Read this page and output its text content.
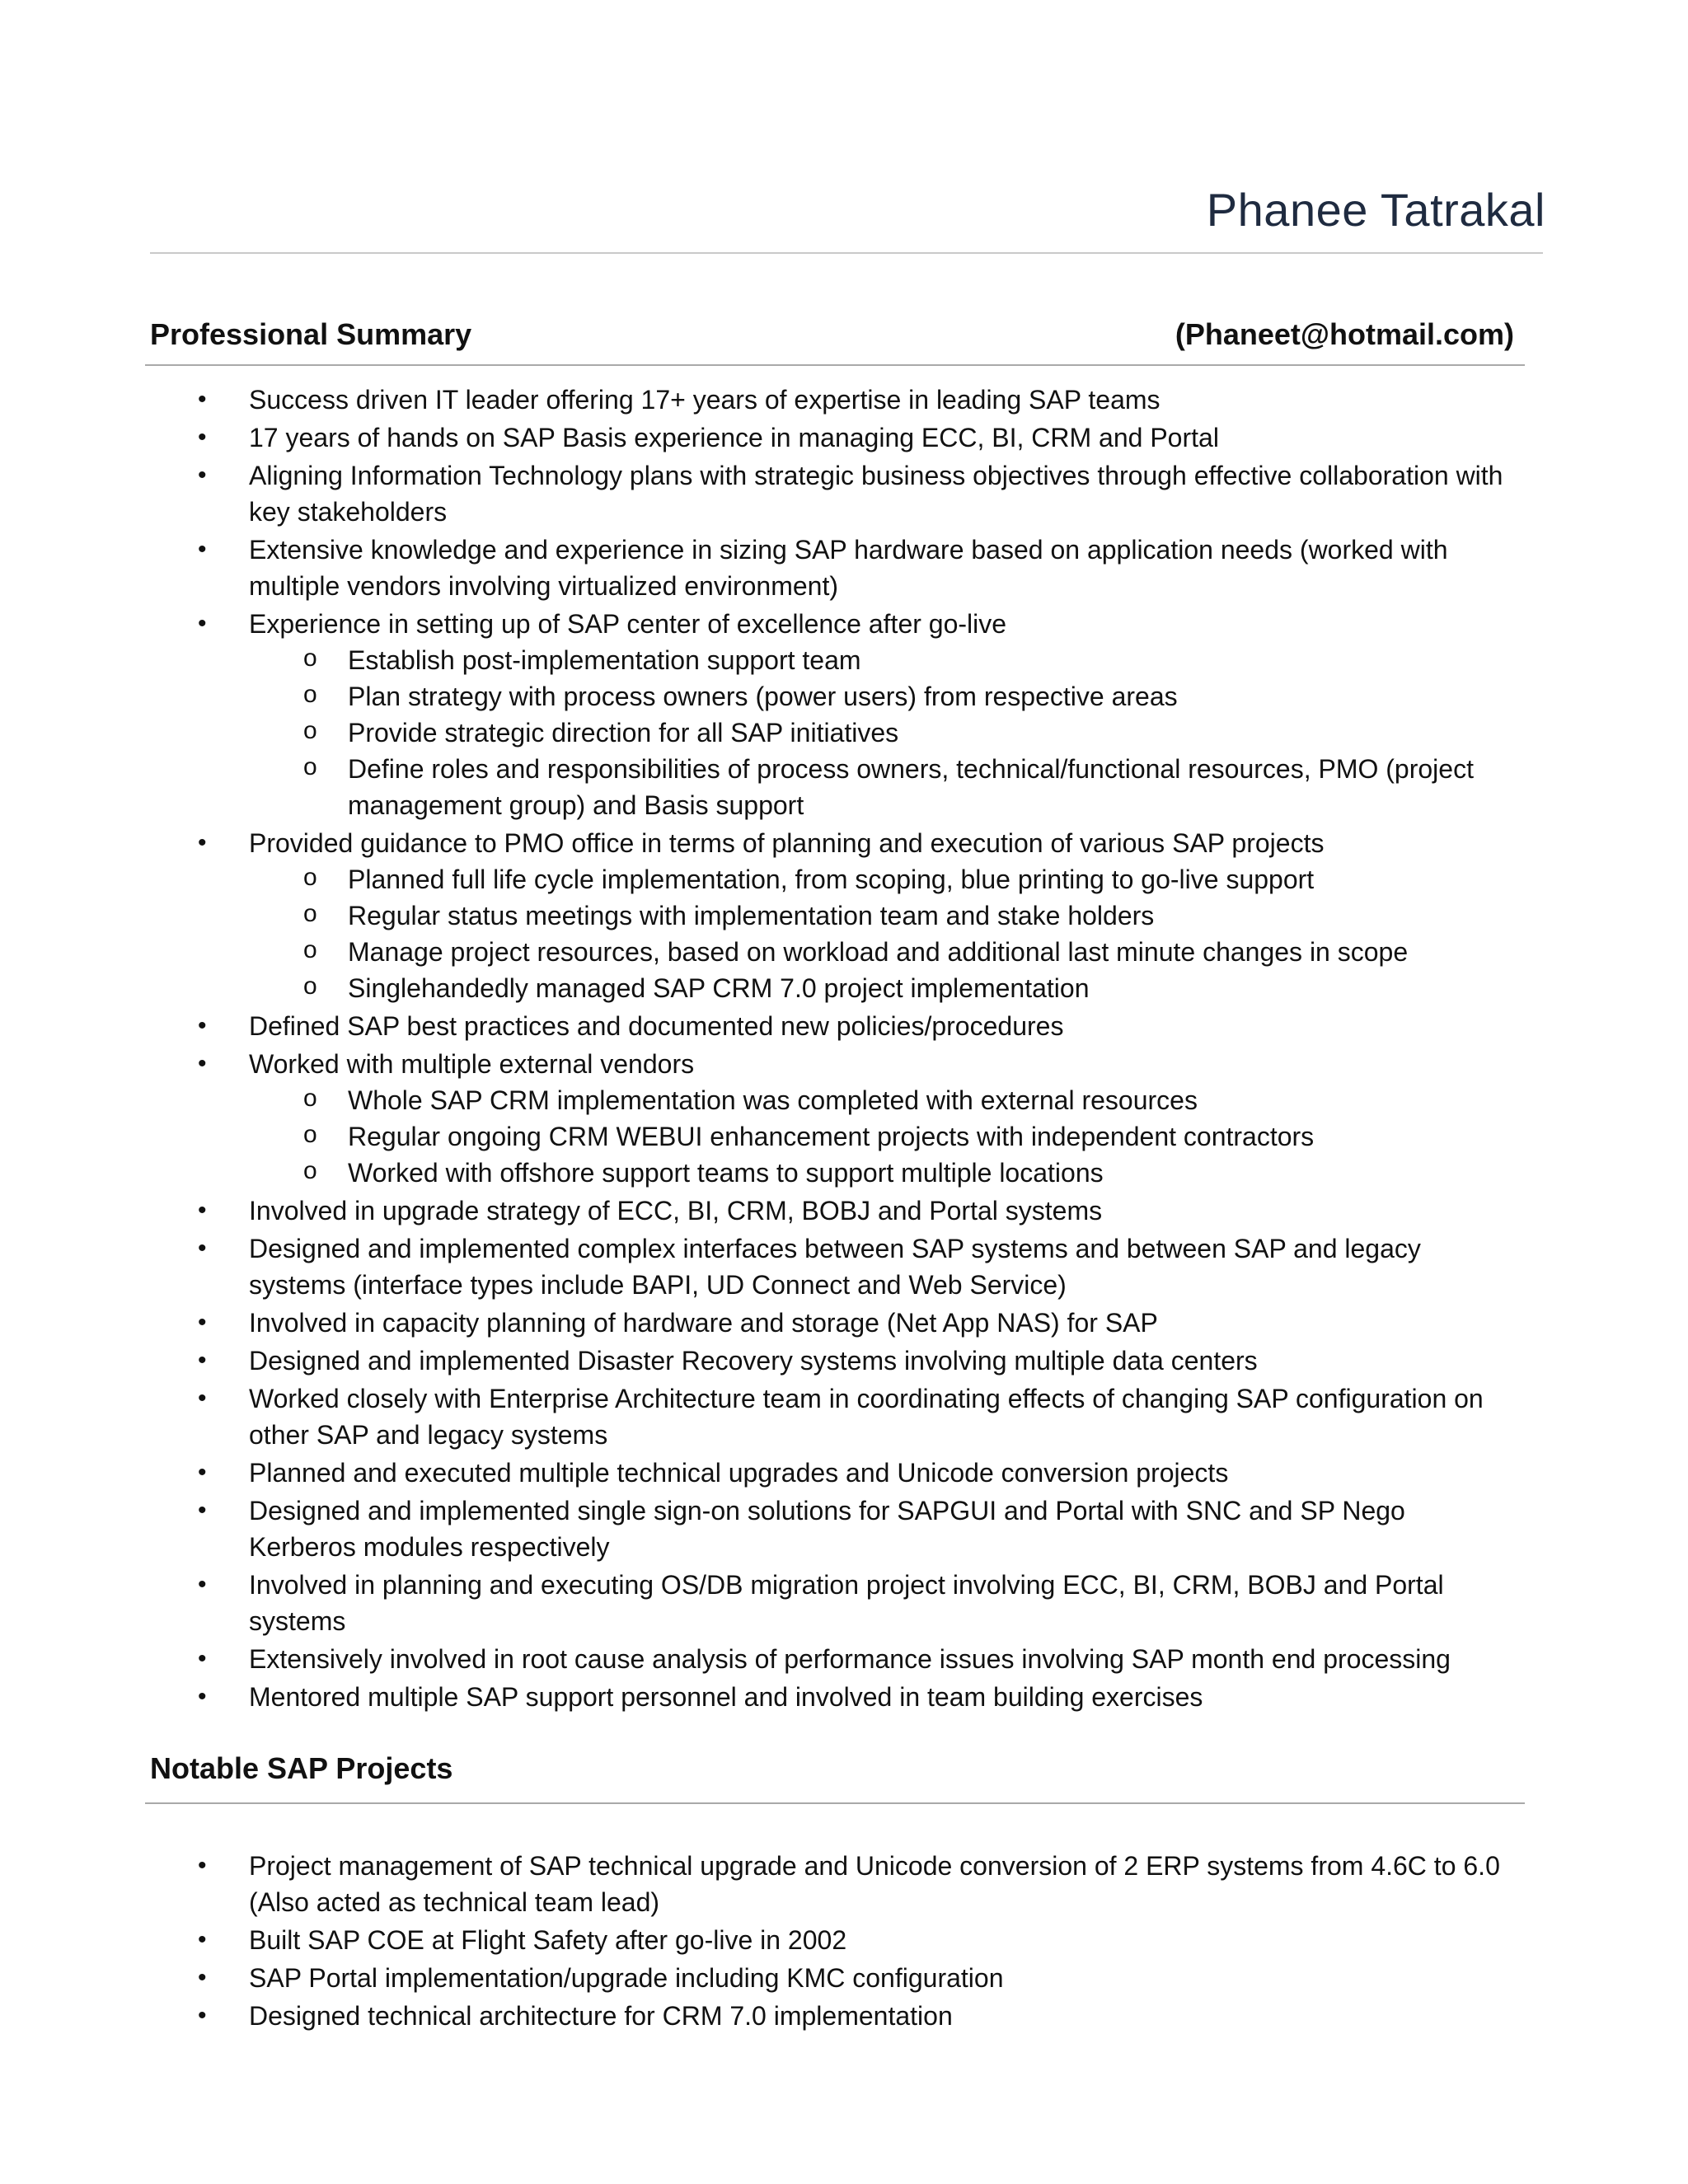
Phanee Tatrakal
Professional Summary	(Phaneet@hotmail.com)
• Success driven IT leader offering 17+ years of expertise in leading SAP teams
• 17 years of hands on SAP Basis experience in managing ECC, BI, CRM and Portal
• Aligning Information Technology plans with strategic business objectives through effective collaboration with key stakeholders
• Extensive knowledge and experience in sizing SAP hardware based on application needs (worked with multiple vendors involving virtualized environment)
• Experience in setting up of SAP center of excellence after go-live
o Establish post-implementation support team
o Plan strategy with process owners (power users) from respective areas
o Provide strategic direction for all SAP initiatives
o Define roles and responsibilities of process owners, technical/functional resources, PMO (project management group) and Basis support
• Provided guidance to PMO office in terms of planning and execution of various SAP projects
o Planned full life cycle implementation, from scoping, blue printing to go-live support
o Regular status meetings with implementation team and stake holders
o Manage project resources, based on workload and additional last minute changes in scope
o Singlehandedly managed SAP CRM 7.0 project implementation
• Defined SAP best practices and documented new policies/procedures
• Worked with multiple external vendors
o Whole SAP CRM implementation was completed with external resources
o Regular ongoing CRM WEBUI enhancement projects with independent contractors
o Worked with offshore support teams to support multiple locations
• Involved in upgrade strategy of ECC, BI, CRM, BOBJ and Portal systems
• Designed and implemented complex interfaces between SAP systems and between SAP and legacy systems (interface types include BAPI, UD Connect and Web Service)
• Involved in capacity planning of hardware and storage (Net App NAS) for SAP
• Designed and implemented Disaster Recovery systems involving multiple data centers
• Worked closely with Enterprise Architecture team in coordinating effects of changing SAP configuration on other SAP and legacy systems
• Planned and executed multiple technical upgrades and Unicode conversion projects
• Designed and implemented single sign-on solutions for SAPGUI and Portal with SNC and SP Nego Kerberos modules respectively
• Involved in planning and executing OS/DB migration project involving ECC, BI, CRM, BOBJ and Portal systems
• Extensively involved in root cause analysis of performance issues involving SAP month end processing
• Mentored multiple SAP support personnel and involved in team building exercises
Notable SAP Projects
• Project management of SAP technical upgrade and Unicode conversion of 2 ERP systems from 4.6C to 6.0 (Also acted as technical team lead)
• Built SAP COE at Flight Safety after go-live in 2002
• SAP Portal implementation/upgrade including KMC configuration
• Designed technical architecture for CRM 7.0 implementation
